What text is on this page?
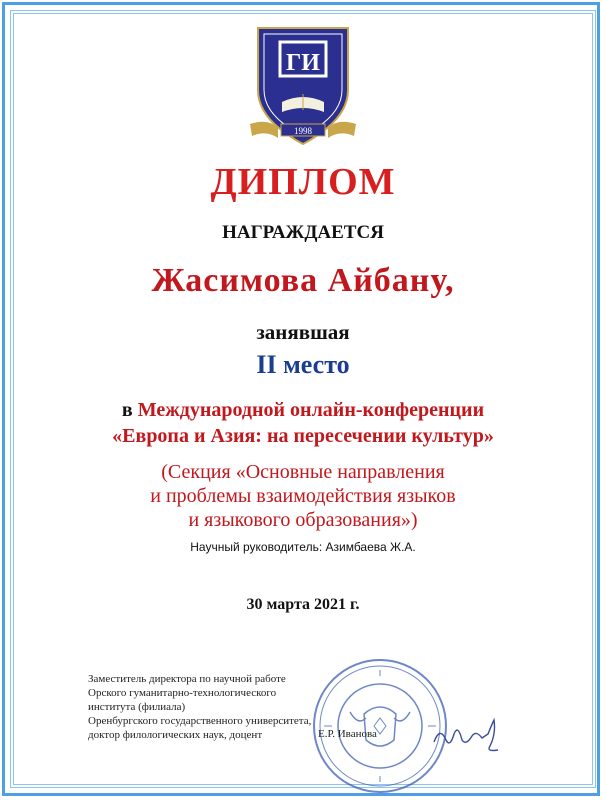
ГИ
1998
ДИПЛОМ
НАГРАЖДАЕТСЯ
Жасимова Айбану,
занявшая
II место
в Международной онлайн-конференции
«Европа и Азия: на пересечении культур»
(Секция «Основные направления
и проблемы взаимодействия языков
и языкового образования»)
Научный руководитель: Азимбаева Ж.А.
30 марта 2021 г.
Заместитель директора по научной работе
Орского гуманитарно-технологического
института (филиала)
Оренбургского государственного университета,
доктор филологических наук, доцент	Е.Р. Иванова
